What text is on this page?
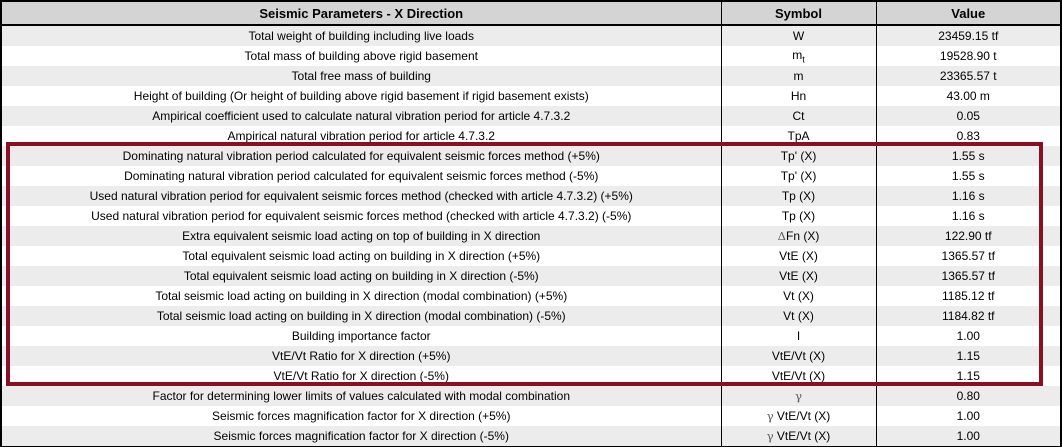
Seismic Parameters - X Direction	Symbol	Value
Total weight of building including live loads	W	23459.15 tf
Total mass of building above rigid basement	$m_t$	19528.90 t
Total free mass of building	m	23365.57 t
Height of building (Or height of building above rigid basement if rigid basement exists)	Hn	43.00 m
Ampirical coefficient used to calculate natural vibration period for article 4.7.3.2	Ct	0.05
Ampirical natural vibration period for article 4.7.3.2	TpA	0.83
Dominating natural vibration period calculated for equivalent seismic forces method (+5%)	Tp' (X)	1.55 s
Dominating natural vibration period calculated for equivalent seismic forces method (-5%)	Tp' (X)	1.55 s
Used natural vibration period for equivalent seismic forces method (checked with article 4.7.3.2) (+5%)	Tp (X)	1.16 s
Used natural vibration period for equivalent seismic forces method (checked with article 4.7.3.2) (-5%)	Tp (X)	1.16 s
Extra equivalent seismic load acting on top of building in X direction	ΔFn (X)	122.90 tf
Total equivalent seismic load acting on building in X direction (+5%)	VtE (X)	1365.57 tf
Total equivalent seismic load acting on building in X direction (-5%)	VtE (X)	1365.57 tf
Total seismic load acting on building in X direction (modal combination) (+5%)	Vt (X)	1185.12 tf
Total seismic load acting on building in X direction (modal combination) (-5%)	Vt (X)	1184.82 tf
Building importance factor	I	1.00
VtE/Vt Ratio for X direction (+5%)	VtE/Vt (X)	1.15
VtE/Vt Ratio for X direction (-5%)	VtE/Vt (X)	1.15
Factor for determining lower limits of values calculated with modal combination	γ	0.80
Seismic forces magnification factor for X direction (+5%)	γ VtE/Vt (X)	1.00
Seismic forces magnification factor for X direction (-5%)	γ VtE/Vt (X)	1.00
